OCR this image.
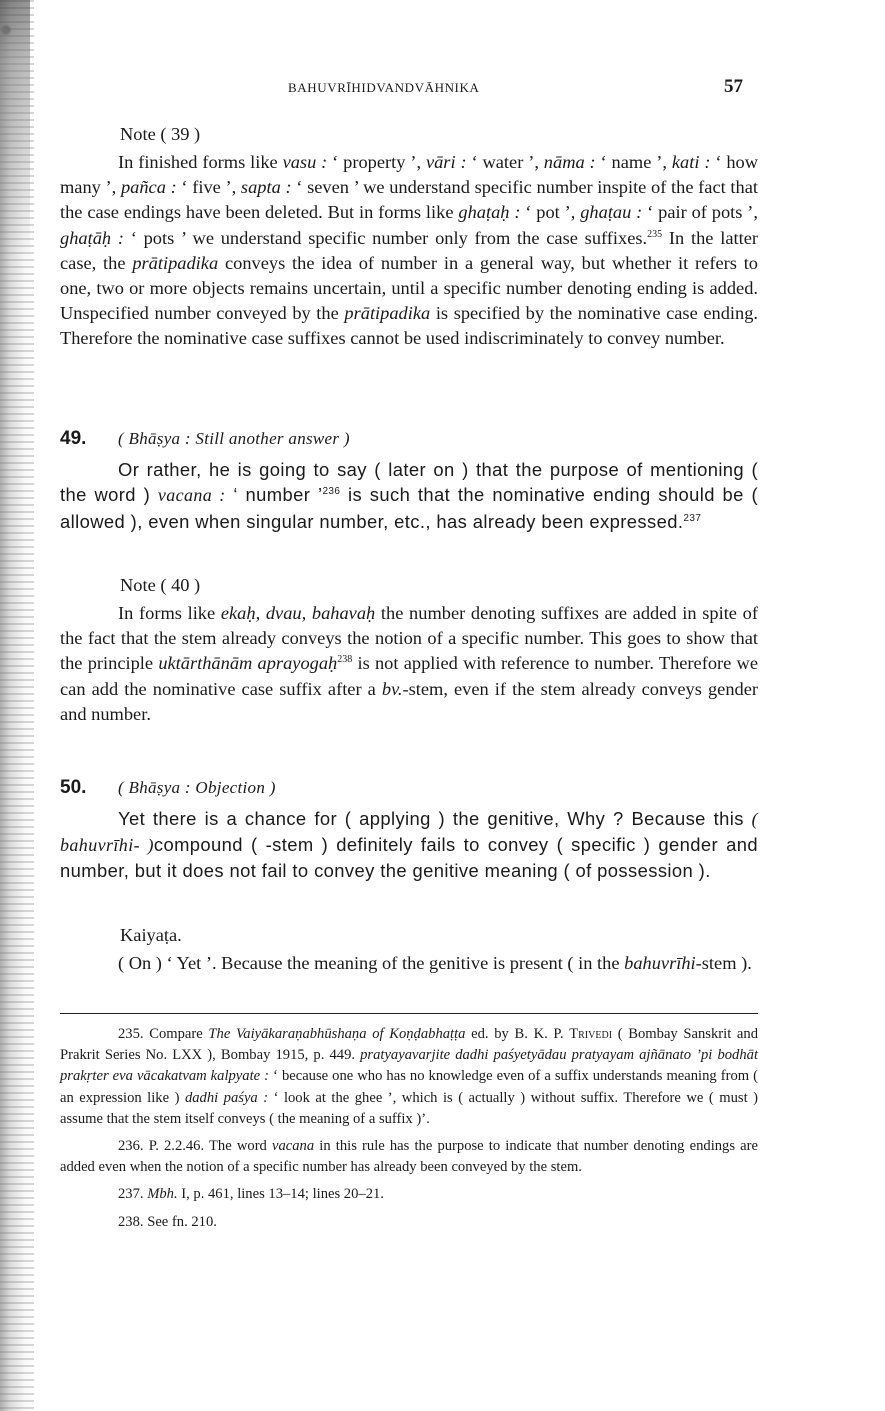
BAHUVRĪHIDVANDVĀHNIKA	57
Note ( 39 )

In finished forms like vasu : ‘ property ’, vāri : ‘ water ’, nāma : ‘ name ’, kati : ‘ how many ’, pañca : ‘ five ’, sapta : ‘ seven ’ we understand specific number inspite of the fact that the case endings have been deleted. But in forms like ghaṭaḥ : ‘ pot ’, ghaṭau : ‘ pair of pots ’, ghaṭāḥ : ‘ pots ’ we understand specific number only from the case suffixes.$^{235}$ In the latter case, the prātipadika conveys the idea of number in a general way, but whether it refers to one, two or more objects remains uncertain, until a specific number denoting ending is added. Unspecified number conveyed by the prātipadika is specified by the nominative case ending. Therefore the nominative case suffixes cannot be used indiscriminately to convey number.

49. ( Bhāṣya : Still another answer )

Or rather, he is going to say ( later on ) that the purpose of mentioning ( the word ) vacana : ‘ number ’$^{236}$ is such that the nominative ending should be ( allowed ), even when singular number, etc., has already been expressed.$^{237}$

Note ( 40 )

In forms like ekaḥ, dvau, bahavaḥ the number denoting suffixes are added in spite of the fact that the stem already conveys the notion of a specific number. This goes to show that the principle uktārthānām aprayogaḥ$^{238}$ is not applied with reference to number. Therefore we can add the nominative case suffix after a bv.-stem, even if the stem already conveys gender and number.

50. ( Bhāṣya : Objection )

Yet there is a chance for ( applying ) the genitive, Why ? Because this ( bahuvrīhi- )compound ( -stem ) definitely fails to convey ( specific ) gender and number, but it does not fail to convey the genitive meaning ( of possession ).

Kaiyaṭa.

( On ) ‘ Yet ’. Because the meaning of the genitive is present ( in the bahuvrīhi-stem ).

235. Compare The Vaiyākaraṇabhūshaṇa of Koṇḍabhaṭṭa ed. by B. K. P. Trivedi ( Bombay Sanskrit and Prakrit Series No. LXX ), Bombay 1915, p. 449. pratyayavarjite dadhi paśyetyādau pratyayam ajñānato ’pi bodhāt prakṛter eva vācakatvam kalpyate : ‘ because one who has no knowledge even of a suffix understands meaning from ( an expression like ) dadhi paśya : ‘ look at the ghee ’, which is ( actually ) without suffix. Therefore we ( must ) assume that the stem itself conveys ( the meaning of a suffix )’.

236. P. 2.2.46. The word vacana in this rule has the purpose to indicate that number denoting endings are added even when the notion of a specific number has already been conveyed by the stem.

237. Mbh. I, p. 461, lines 13–14; lines 20–21.

238. See fn. 210.
